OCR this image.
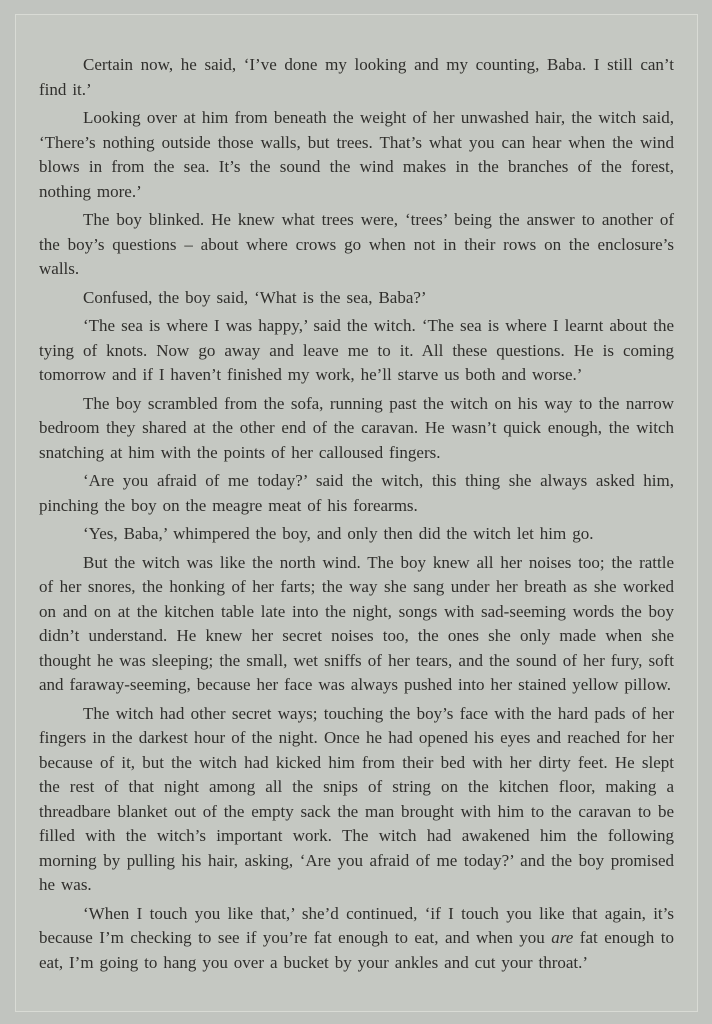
Certain now, he said, ‘I’ve done my looking and my counting, Baba. I still can’t find it.’

Looking over at him from beneath the weight of her unwashed hair, the witch said, ‘There’s nothing outside those walls, but trees. That’s what you can hear when the wind blows in from the sea. It’s the sound the wind makes in the branches of the forest, nothing more.’

The boy blinked. He knew what trees were, ‘trees’ being the answer to another of the boy’s questions – about where crows go when not in their rows on the enclosure’s walls.

Confused, the boy said, ‘What is the sea, Baba?’

‘The sea is where I was happy,’ said the witch. ‘The sea is where I learnt about the tying of knots. Now go away and leave me to it. All these questions. He is coming tomorrow and if I haven’t finished my work, he’ll starve us both and worse.’

The boy scrambled from the sofa, running past the witch on his way to the narrow bedroom they shared at the other end of the caravan. He wasn’t quick enough, the witch snatching at him with the points of her calloused fingers.

‘Are you afraid of me today?’ said the witch, this thing she always asked him, pinching the boy on the meagre meat of his forearms.

‘Yes, Baba,’ whimpered the boy, and only then did the witch let him go.

But the witch was like the north wind. The boy knew all her noises too; the rattle of her snores, the honking of her farts; the way she sang under her breath as she worked on and on at the kitchen table late into the night, songs with sad-seeming words the boy didn’t understand. He knew her secret noises too, the ones she only made when she thought he was sleeping; the small, wet sniffs of her tears, and the sound of her fury, soft and faraway-seeming, because her face was always pushed into her stained yellow pillow.

The witch had other secret ways; touching the boy’s face with the hard pads of her fingers in the darkest hour of the night. Once he had opened his eyes and reached for her because of it, but the witch had kicked him from their bed with her dirty feet. He slept the rest of that night among all the snips of string on the kitchen floor, making a threadbare blanket out of the empty sack the man brought with him to the caravan to be filled with the witch’s important work. The witch had awakened him the following morning by pulling his hair, asking, ‘Are you afraid of me today?’ and the boy promised he was.

‘When I touch you like that,’ she’d continued, ‘if I touch you like that again, it’s because I’m checking to see if you’re fat enough to eat, and when you are fat enough to eat, I’m going to hang you over a bucket by your ankles and cut your throat.’
